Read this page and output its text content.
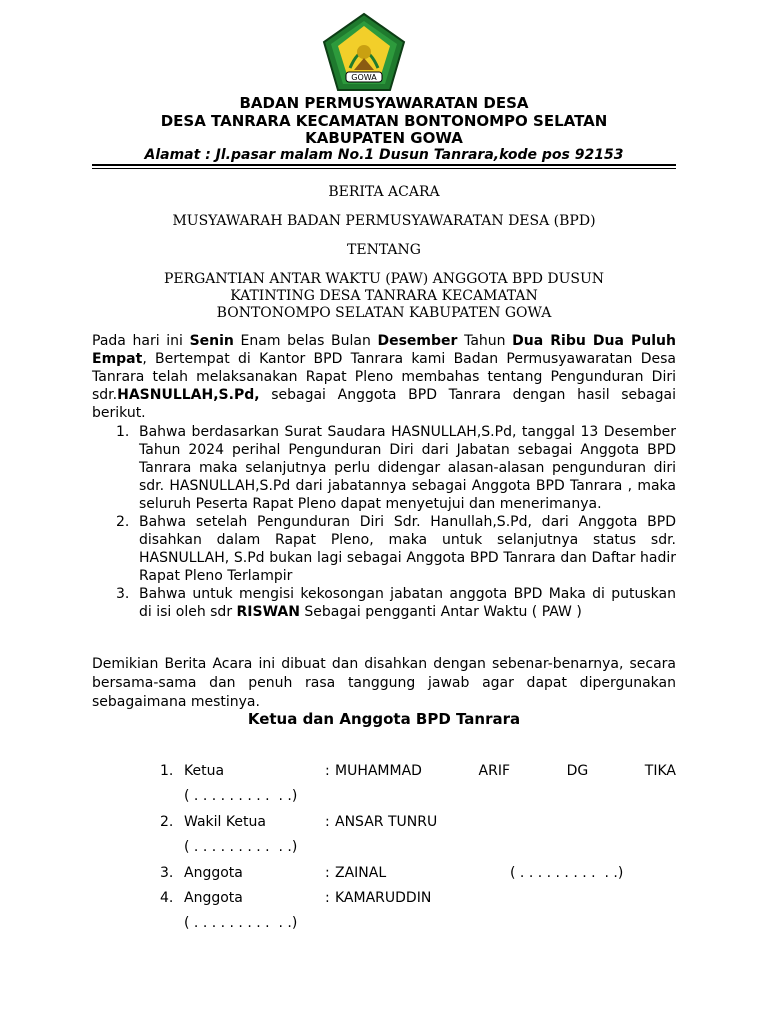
GOWA
BADAN PERMUSYAWARATAN DESA
DESA TANRARA KECAMATAN BONTONOMPO SELATAN
KABUPATEN GOWA
Alamat : Jl.pasar malam No.1 Dusun Tanrara,kode pos 92153
BERITA ACARA
MUSYAWARAH BADAN PERMUSYAWARATAN DESA (BPD)
TENTANG
PERGANTIAN ANTAR WAKTU (PAW) ANGGOTA BPD DUSUN
KATINTING DESA TANRARA KECAMATAN
BONTONOMPO SELATAN KABUPATEN GOWA
Pada hari ini Senin Enam belas Bulan Desember Tahun Dua Ribu Dua Puluh Empat, Bertempat di Kantor BPD Tanrara kami Badan Permusyawaratan Desa Tanrara telah melaksanakan Rapat Pleno membahas tentang Pengunduran Diri sdr.HASNULLAH,S.Pd, sebagai Anggota BPD Tanrara dengan hasil sebagai berikut.
1. Bahwa berdasarkan Surat Saudara HASNULLAH,S.Pd, tanggal 13 Desember Tahun 2024 perihal Pengunduran Diri dari Jabatan sebagai Anggota BPD Tanrara maka selanjutnya perlu didengar alasan-alasan pengunduran diri sdr. HASNULLAH,S.Pd dari jabatannya sebagai Anggota BPD Tanrara , maka seluruh Peserta Rapat Pleno dapat menyetujui dan menerimanya.
2. Bahwa setelah Pengunduran Diri Sdr. Hanullah,S.Pd, dari Anggota BPD disahkan dalam Rapat Pleno, maka untuk selanjutnya status sdr. HASNULLAH, S.Pd bukan lagi sebagai Anggota BPD Tanrara dan Daftar hadir Rapat Pleno Terlampir
3. Bahwa untuk mengisi kekosongan jabatan anggota BPD Maka di putuskan di isi oleh sdr RISWAN Sebagai pengganti Antar Waktu ( PAW )
Demikian Berita Acara ini dibuat dan disahkan dengan sebenar-benarnya, secara bersama-sama dan penuh rasa tanggung jawab agar dapat dipergunakan sebagaimana mestinya.
Ketua dan Anggota BPD Tanrara
1. Ketua	: MUHAMMAD	ARIF	DG	TIKA
( . . . . . . . . .  . .)
2. Wakil Ketua	: ANSAR TUNRU
( . . . . . . . . .  . .)
3. Anggota	: ZAINAL	( . . . . . . . . .  . .)
4. Anggota	: KAMARUDDIN
( . . . . . . . . .  . .)
